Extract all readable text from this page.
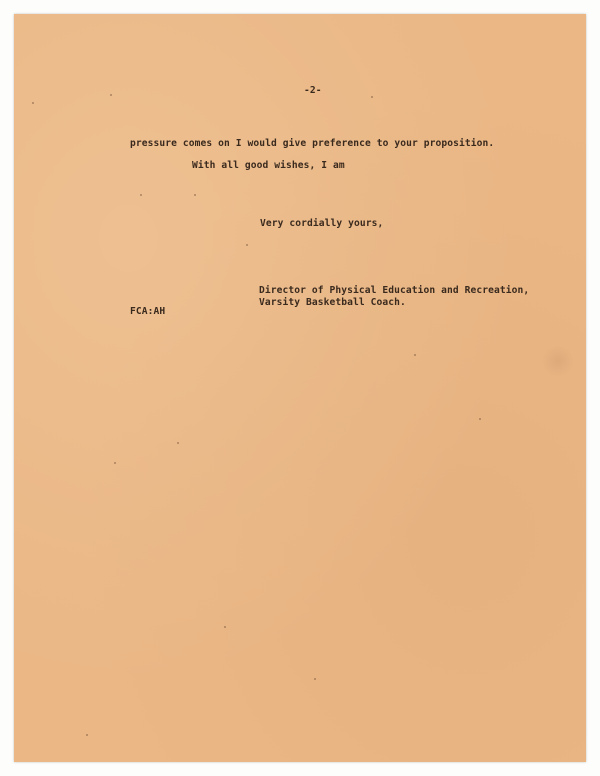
-2-
pressure comes on I would give preference to your proposition.
With all good wishes, I am
Very cordially yours,
FCA:AH
Director of Physical Education and Recreation,
Varsity Basketball Coach.
